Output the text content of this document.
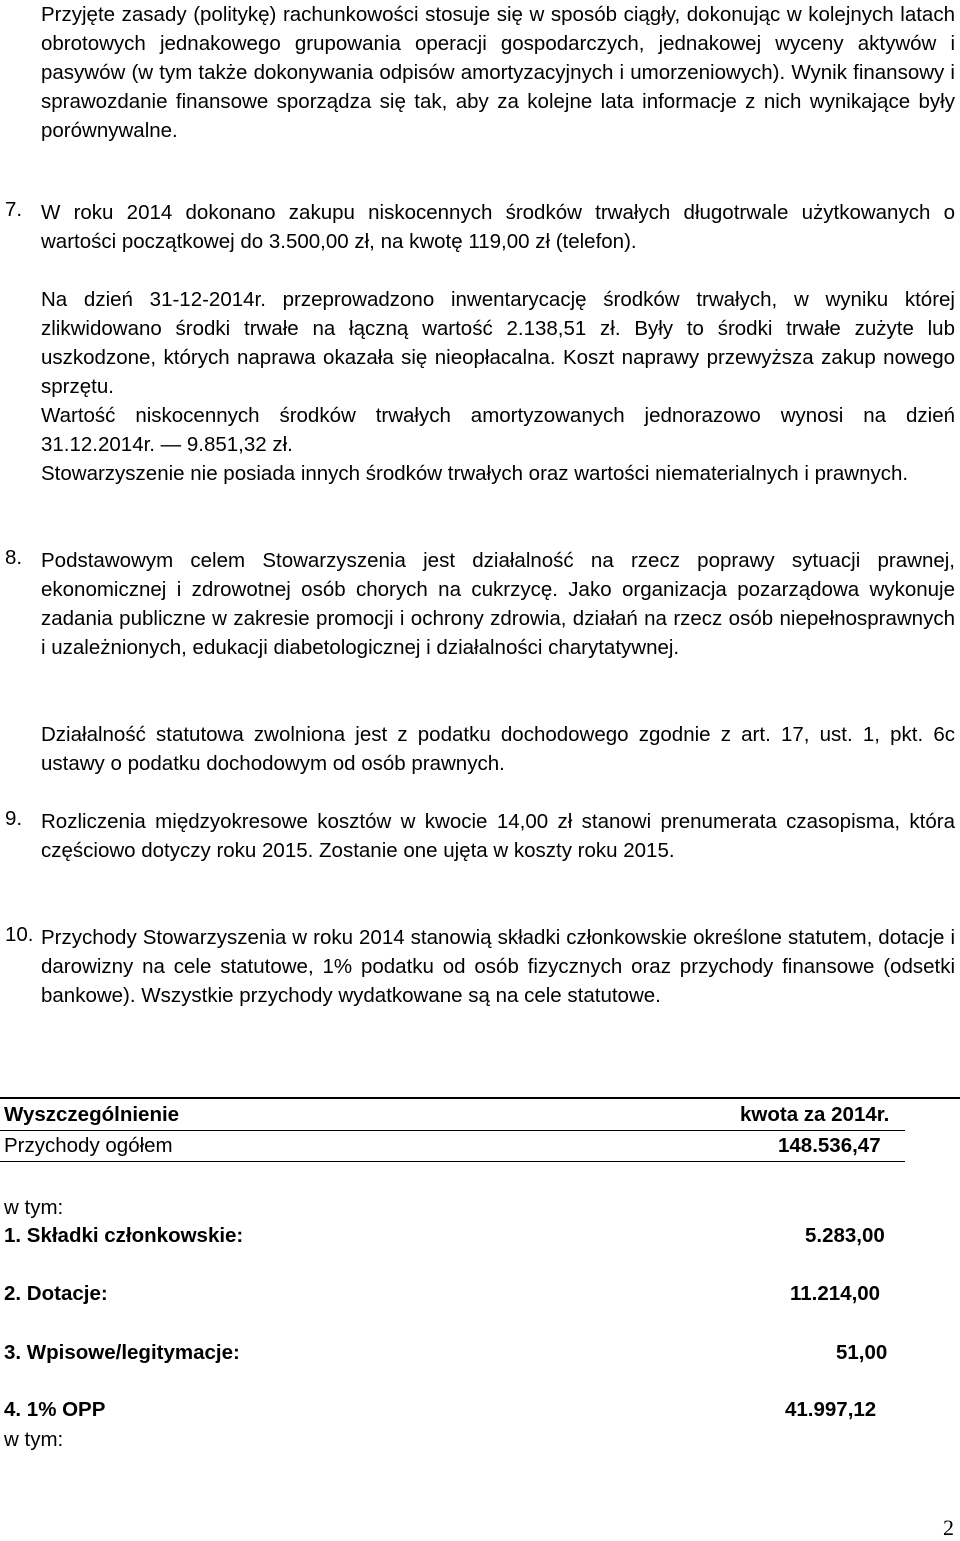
Przyjęte zasady (politykę) rachunkowości stosuje się w sposób ciągły, dokonując w kolejnych latach obrotowych jednakowego grupowania operacji gospodarczych, jednakowej wyceny aktywów i pasywów (w tym także dokonywania odpisów amortyzacyjnych i umorzeniowych). Wynik finansowy i sprawozdanie finansowe sporządza się tak, aby za kolejne lata informacje z nich wynikające były porównywalne.

7. W roku 2014 dokonano zakupu niskocennych środków trwałych długotrwale użytkowanych o wartości początkowej do 3.500,00 zł, na kwotę 119,00 zł (telefon).

Na dzień 31-12-2014r. przeprowadzono inwentarycację środków trwałych, w wyniku której zlikwidowano środki trwałe na łączną wartość 2.138,51 zł. Były to środki trwałe zużyte lub uszkodzone, których naprawa okazała się nieopłacalna. Koszt naprawy przewyższa zakup nowego sprzętu.

Wartość niskocennych środków trwałych amortyzowanych jednorazowo wynosi na dzień 31.12.2014r. — 9.851,32 zł.

Stowarzyszenie nie posiada innych środków trwałych oraz wartości niematerialnych i prawnych.

8. Podstawowym celem Stowarzyszenia jest działalność na rzecz poprawy sytuacji prawnej, ekonomicznej i zdrowotnej osób chorych na cukrzycę. Jako organizacja pozarządowa wykonuje zadania publiczne w zakresie promocji i ochrony zdrowia, działań na rzecz osób niepełnosprawnych i uzależnionych, edukacji diabetologicznej i działalności charytatywnej.

Działalność statutowa zwolniona jest z podatku dochodowego zgodnie z art. 17, ust. 1, pkt. 6c ustawy o podatku dochodowym od osób prawnych.

9. Rozliczenia międzyokresowe kosztów w kwocie 14,00 zł stanowi prenumerata czasopisma, która częściowo dotyczy roku 2015. Zostanie one ujęta w koszty roku 2015.

10. Przychody Stowarzyszenia w roku 2014 stanowią składki członkowskie określone statutem, dotacje i darowizny na cele statutowe, 1% podatku od osób fizycznych oraz przychody finansowe (odsetki bankowe). Wszystkie przychody wydatkowane są na cele statutowe.

Wyszczególnienie	kwota za 2014r.
Przychody ogółem	148.536,47
w tym:
1. Składki członkowskie:	5.283,00
2. Dotacje:	11.214,00
3. Wpisowe/legitymacje:	51,00
4. 1% OPP	41.997,12
w tym:
2
